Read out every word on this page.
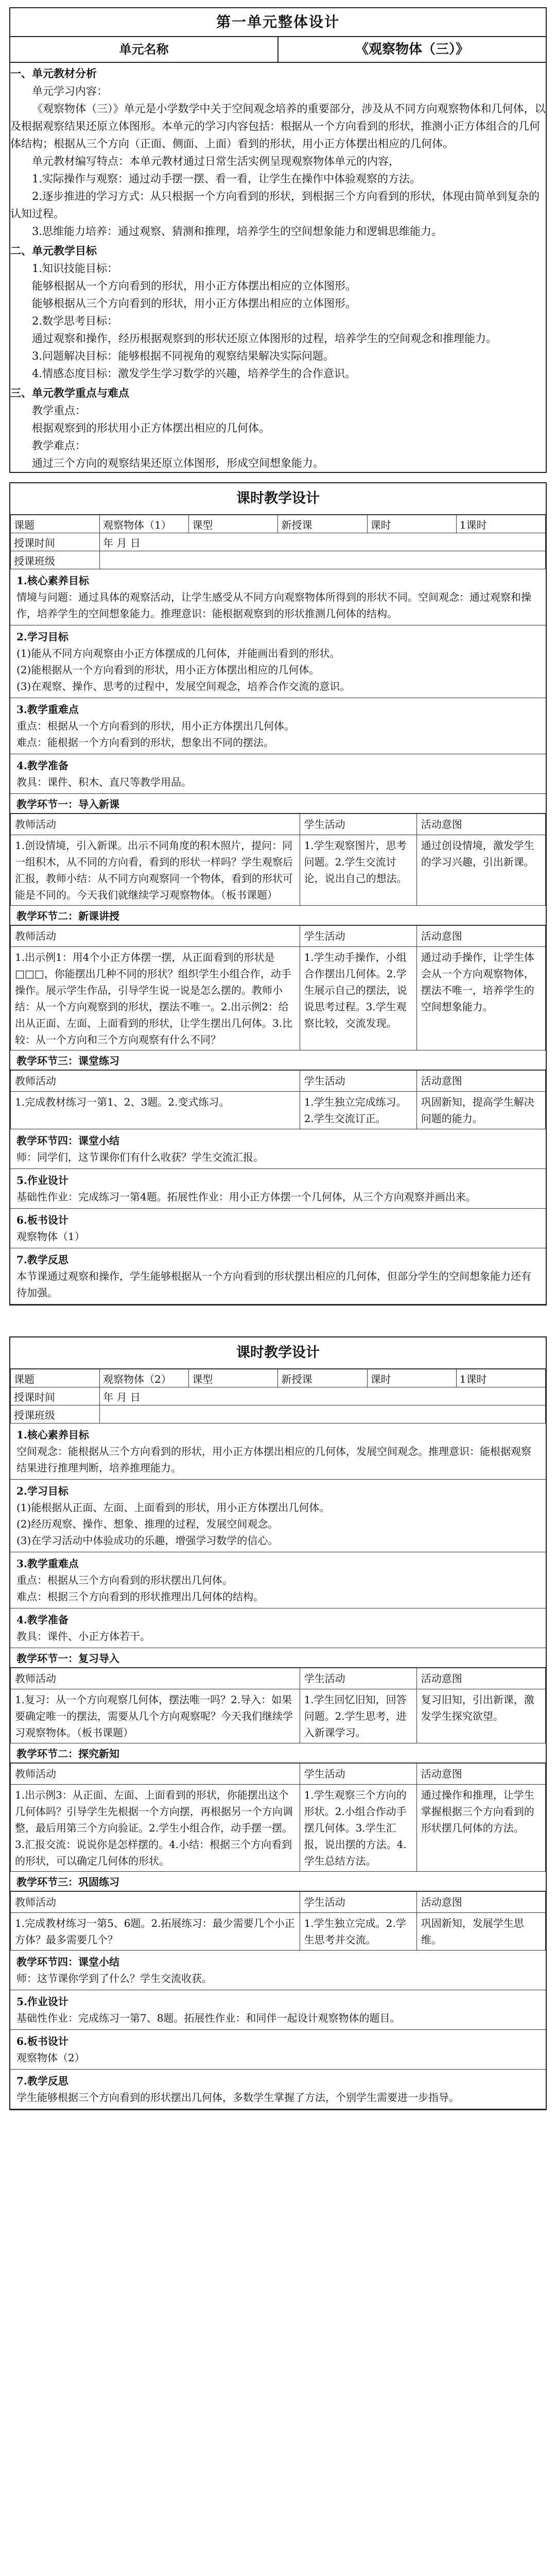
第一单元整体设计
单元名称	《观察物体（三）》

一、单元教材分析
单元学习内容：
《观察物体（三）》单元是小学数学中关于空间观念培养的重要部分，涉及从不同方向观察物体和几何体，以及根据观察结果还原立体图形。本单元的学习内容包括：根据从一个方向看到的形状，推测小正方体组合的几何体结构；根据从三个方向（正面、侧面、上面）看到的形状，用小正方体摆出相应的几何体。
单元教材编写特点：本单元教材通过日常生活实例呈现观察物体单元的内容，
1.实际操作与观察：通过动手摆一摆、看一看，让学生在操作中体验观察的方法。
2.逐步推进的学习方式：从只根据一个方向看到的形状，到根据三个方向看到的形状，体现由简单到复杂的认知过程。
3.思维能力培养：通过观察、猜测和推理，培养学生的空间想象能力和逻辑思维能力。
二、单元教学目标
1.知识技能目标：
能够根据从一个方向看到的形状，用小正方体摆出相应的立体图形。
能够根据从三个方向看到的形状，用小正方体摆出相应的立体图形。
2.数学思考目标：
通过观察和操作，经历根据观察到的形状还原立体图形的过程，培养学生的空间观念和推理能力。
3.问题解决目标：能够根据不同视角的观察结果解决实际问题。
4.情感态度目标：激发学生学习数学的兴趣，培养学生的合作意识。
三、单元教学重点与难点
教学重点：
根据观察到的形状用小正方体摆出相应的几何体。
教学难点：
通过三个方向的观察结果还原立体图形，形成空间想象能力。
课时教学设计
课题	观察物体（1）	课型	新授课	课时	1课时
授课时间	年 月 日				
授课班级					
1.核心素养目标
情境与问题：通过具体的观察活动，让学生感受从不同方向观察物体所得到的形状不同。空间观念：通过观察和操作，培养学生的空间想象能力。推理意识：能根据观察到的形状推测几何体的结构。
2.学习目标
(1)能从不同方向观察由小正方体摆成的几何体，并能画出看到的形状。
(2)能根据从一个方向看到的形状，用小正方体摆出相应的几何体。
(3)在观察、操作、思考的过程中，发展空间观念，培养合作交流的意识。
3.教学重难点
重点：根据从一个方向看到的形状，用小正方体摆出几何体。
难点：能根据一个方向看到的形状，想象出不同的摆法。
4.教学准备
教具：课件、积木、直尺等教学用品。
教学环节一：导入新课
教师活动	学生活动	活动意图
1.创设情境，引入新课。出示不同角度的积木照片，提问：同一组积木，从不同的方向看，看到的形状一样吗？学生观察后汇报，教师小结：从不同方向观察同一个物体，看到的形状可能是不同的。今天我们就继续学习观察物体。（板书课题）	1.学生观察图片，思考问题。2.学生交流讨论，说出自己的想法。	通过创设情境，激发学生的学习兴趣，引出新课。
教学环节二：新课讲授
教师活动	学生活动	活动意图
1.出示例1：用4个小正方体摆一摆，从正面看到的形状是□□□，你能摆出几种不同的形状？组织学生小组合作，动手操作。展示学生作品，引导学生说一说是怎么摆的。教师小结：从一个方向观察到的形状，摆法不唯一。2.出示例2：给出从正面、左面、上面看到的形状，让学生摆出几何体。3.比较：从一个方向和三个方向观察有什么不同？	1.学生动手操作，小组合作摆出几何体。2.学生展示自己的摆法，说说思考过程。3.学生观察比较，交流发现。	通过动手操作，让学生体会从一个方向观察物体，摆法不唯一，培养学生的空间想象能力。
教学环节三：课堂练习
教师活动	学生活动	活动意图
1.完成教材练习一第1、2、3题。2.变式练习。	1.学生独立完成练习。2.学生交流订正。	巩固新知，提高学生解决问题的能力。
教学环节四：课堂小结
师：同学们，这节课你们有什么收获？学生交流汇报。
5.作业设计
基础性作业：完成练习一第4题。拓展性作业：用小正方体摆一个几何体，从三个方向观察并画出来。
6.板书设计
观察物体（1）
7.教学反思
本节课通过观察和操作，学生能够根据从一个方向看到的形状摆出相应的几何体，但部分学生的空间想象能力还有待加强。
课时教学设计
课题	观察物体（2）	课型	新授课	课时	1课时
授课时间	年 月 日				
授课班级					
1.核心素养目标
空间观念：能根据从三个方向看到的形状，用小正方体摆出相应的几何体，发展空间观念。推理意识：能根据观察结果进行推理判断，培养推理能力。
2.学习目标
(1)能根据从正面、左面、上面看到的形状，用小正方体摆出几何体。
(2)经历观察、操作、想象、推理的过程，发展空间观念。
(3)在学习活动中体验成功的乐趣，增强学习数学的信心。
3.教学重难点
重点：根据从三个方向看到的形状摆出几何体。
难点：根据三个方向看到的形状推理出几何体的结构。
4.教学准备
教具：课件、小正方体若干。
教学环节一：复习导入
教师活动	学生活动	活动意图
1.复习：从一个方向观察几何体，摆法唯一吗？2.导入：如果要确定唯一的摆法，需要从几个方向观察呢？今天我们继续学习观察物体。（板书课题）	1.学生回忆旧知，回答问题。2.学生思考，进入新课学习。	复习旧知，引出新课，激发学生探究欲望。
教学环节二：探究新知
教师活动	学生活动	活动意图
1.出示例3：从正面、左面、上面看到的形状，你能摆出这个几何体吗？引导学生先根据一个方向摆，再根据另一个方向调整，最后用第三个方向验证。2.学生小组合作，动手摆一摆。3.汇报交流：说说你是怎样摆的。4.小结：根据三个方向看到的形状，可以确定几何体的形状。	1.学生观察三个方向的形状。2.小组合作动手摆几何体。3.学生汇报，说出摆的方法。4.学生总结方法。	通过操作和推理，让学生掌握根据三个方向看到的形状摆几何体的方法。
教学环节三：巩固练习
教师活动	学生活动	活动意图
1.完成教材练习一第5、6题。2.拓展练习：最少需要几个小正方体？最多需要几个？	1.学生独立完成。2.学生思考并交流。	巩固新知，发展学生思维。
教学环节四：课堂小结
师：这节课你学到了什么？学生交流收获。
5.作业设计
基础性作业：完成练习一第7、8题。拓展性作业：和同伴一起设计观察物体的题目。
6.板书设计
观察物体（2）
7.教学反思
学生能够根据三个方向看到的形状摆出几何体，多数学生掌握了方法，个别学生需要进一步指导。
